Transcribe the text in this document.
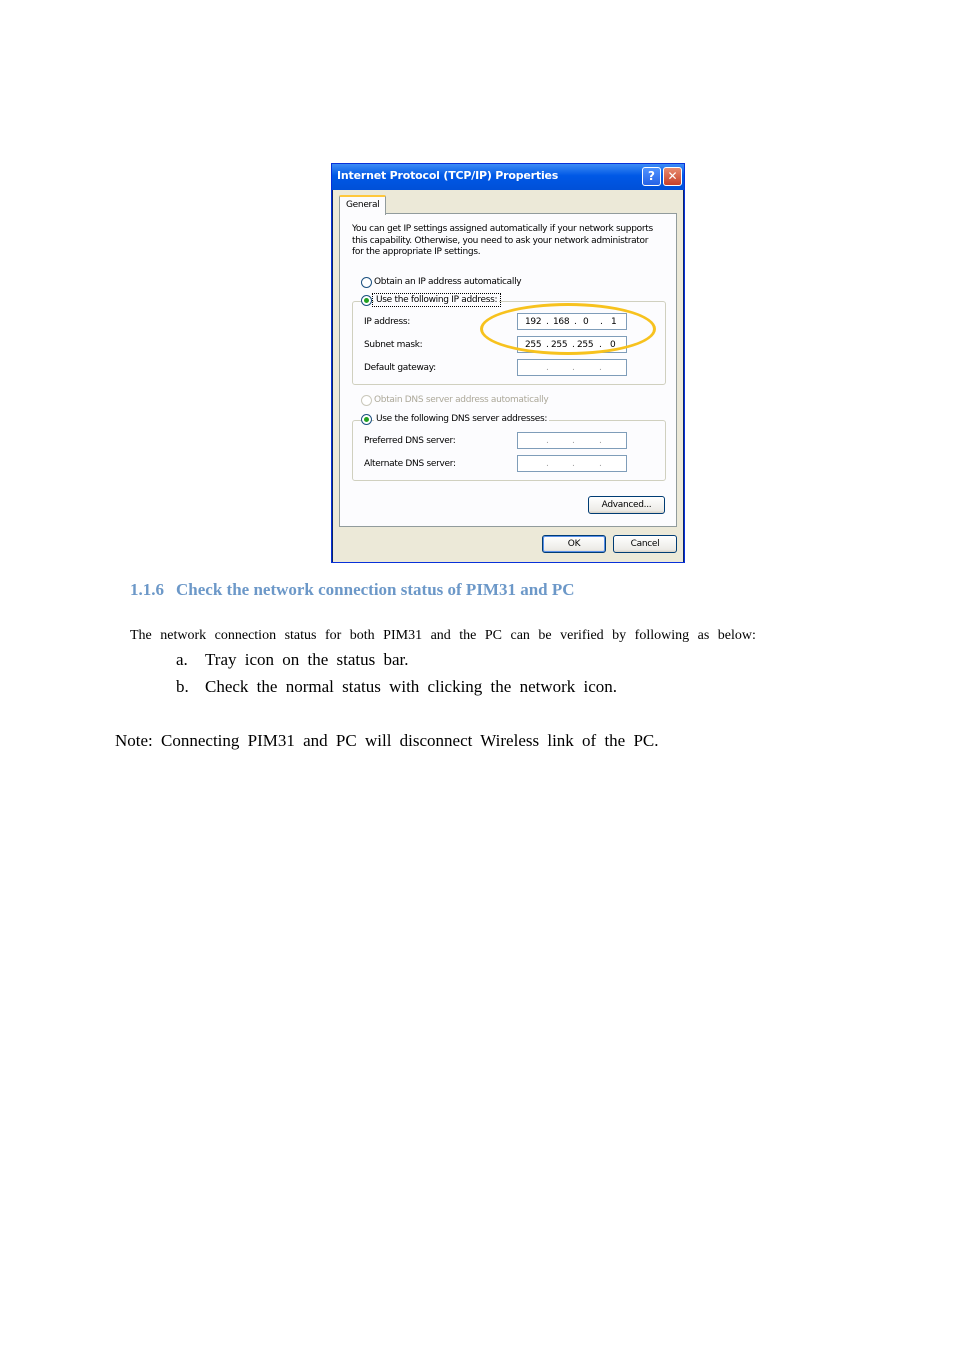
Internet Protocol (TCP/IP) Properties	?	✕
General
You can get IP settings assigned automatically if your network supports this capability. Otherwise, you need to ask your network administrator for the appropriate IP settings.
Obtain an IP address automatically
Use the following IP address:
IP address:	192 . 168 . 0 . 1
Subnet mask:	255 . 255 . 255 . 0
Default gateway:	.	.	.
Obtain DNS server address automatically
Use the following DNS server addresses:
Preferred DNS server:	.	.	.
Alternate DNS server:	.	.	.
Advanced...
OK	Cancel
1.1.6 Check the network connection status of PIM31 and PC
The network connection status for both PIM31 and the PC can be verified by following as below:
a. Tray icon on the status bar.
b. Check the normal status with clicking the network icon.
Note: Connecting PIM31 and PC will disconnect Wireless link of the PC.
